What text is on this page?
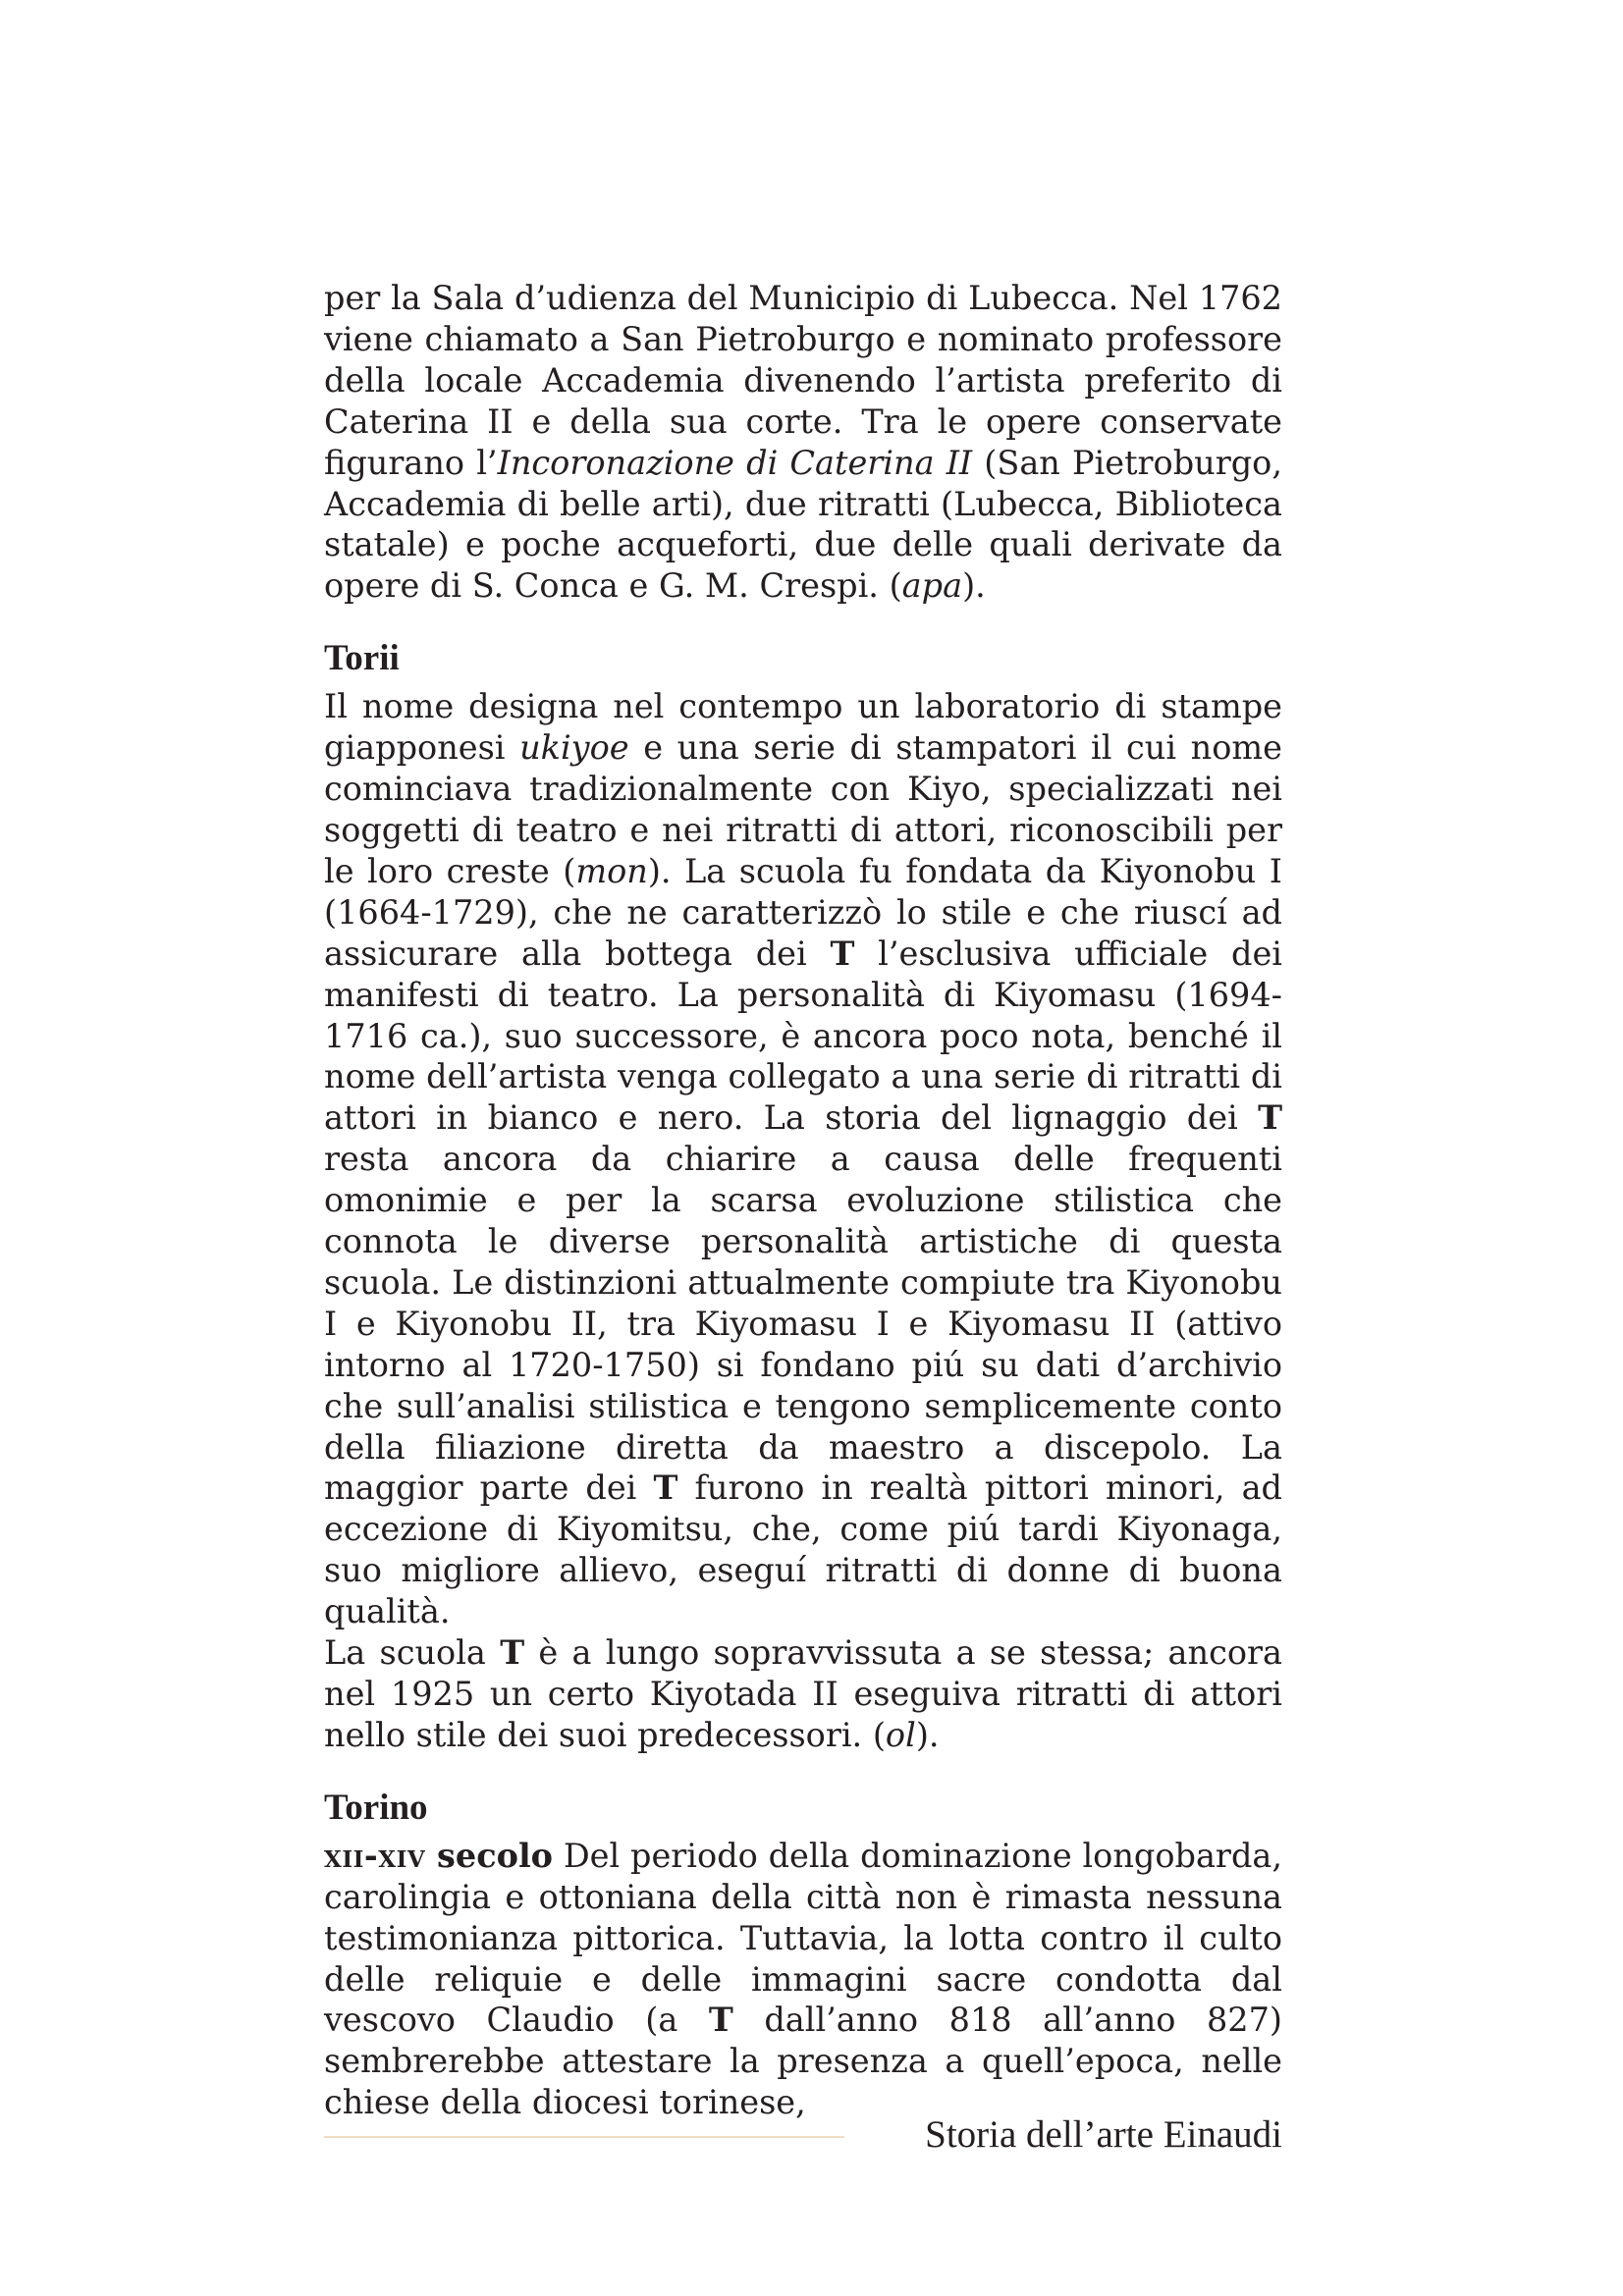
per la Sala d’udienza del Municipio di Lubecca. Nel 1762 viene chiamato a San Pietroburgo e nominato professore della locale Accademia divenendo l’artista preferito di Caterina II e della sua corte. Tra le opere conservate figurano l’Incoronazione di Caterina II (San Pietroburgo, Accademia di belle arti), due ritratti (Lubecca, Biblioteca statale) e poche acqueforti, due delle quali derivate da opere di S. Conca e G. M. Crespi. (apa).

Torii

Il nome designa nel contempo un laboratorio di stampe giapponesi ukiyoe e una serie di stampatori il cui nome cominciava tradizionalmente con Kiyo, specializzati nei soggetti di teatro e nei ritratti di attori, riconoscibili per le loro creste (mon). La scuola fu fondata da Kiyonobu I (1664-1729), che ne caratterizzò lo stile e che riuscí ad assicurare alla bottega dei T l’esclusiva ufficiale dei manifesti di teatro. La personalità di Kiyomasu (1694-1716 ca.), suo successore, è ancora poco nota, benché il nome dell’artista venga collegato a una serie di ritratti di attori in bianco e nero. La storia del lignaggio dei T resta ancora da chiarire a causa delle frequenti omonimie e per la scarsa evoluzione stilistica che connota le diverse personalità artistiche di questa scuola. Le distinzioni attualmente compiute tra Kiyonobu I e Kiyonobu II, tra Kiyomasu I e Kiyomasu II (attivo intorno al 1720-1750) si fondano piú su dati d’archivio che sull’analisi stilistica e tengono semplicemente conto della filiazione diretta da maestro a discepolo. La maggior parte dei T furono in realtà pittori minori, ad eccezione di Kiyomitsu, che, come piú tardi Kiyonaga, suo migliore allievo, eseguí ritratti di donne di buona qualità.

La scuola T è a lungo sopravvissuta a se stessa; ancora nel 1925 un certo Kiyotada II eseguiva ritratti di attori nello stile dei suoi predecessori. (ol).

Torino

xii-xiv secolo Del periodo della dominazione longobarda, carolingia e ottoniana della città non è rimasta nessuna testimonianza pittorica. Tuttavia, la lotta contro il culto delle reliquie e delle immagini sacre condotta dal vescovo Claudio (a T dall’anno 818 all’anno 827) sembrerebbe attestare la presenza a quell’epoca, nelle chiese della diocesi torinese,

Storia dell’arte Einaudi
